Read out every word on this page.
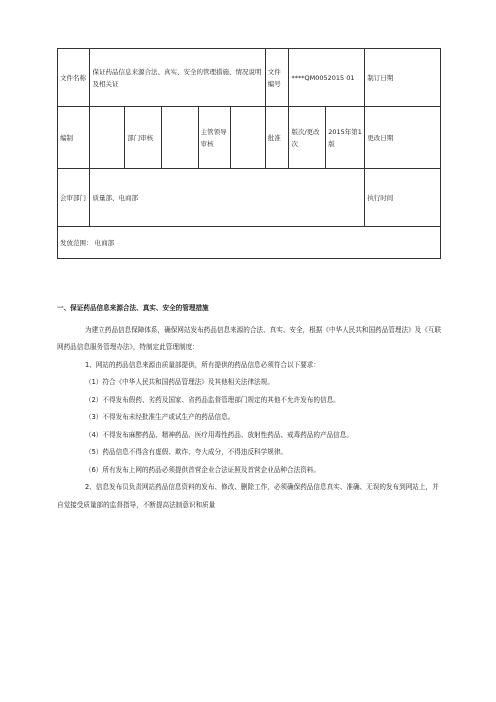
文件名称	保证药品信息来源合法、真实、安全的管理措施、情况说明及相关证					文件编号	****QM0052015 01		制订日期
编制		部门审核		主管领导审核		批准	版次/更改次	2015年第1版	更改日期
会审部门	质量部、电商部								执行时间
发放范围： 电商部									

一、保证药品信息来源合法、真实、安全的管理措施

为建立药品信息保障体系，确保网站发布药品信息来源的合法、真实、安全，根据《中华人民共和国药品管理法》及《互联网药品信息服务管理办法》，特制定此管理制度：

1、网站的药品信息来源由质量部提供，所有提供的药品信息必须符合以下要求：

（1）符合《中华人民共和国药品管理法》及其他相关法律法规。

（2）不得发布假药、劣药及国家、省药品监督管理部门规定的其他不允许发布的信息。

（3）不得发布未经批准生产或试生产的药品信息。

（4）不得发布麻醉药品、精神药品、医疗用毒性药品、放射性药品、戒毒药品的产品信息。

（5）药品信息不得含有虚假、欺诈、夸大成分，不得违反科学规律。

（6）所有发布上网的药品必须提供首营企业合法证照及首营企业品种合法资料。

2、信息发布员负责网站药品信息资料的发布、修改、删除工作，必须确保药品信息真实、准确、无误的发布到网站上，并自觉接受质量部的监督指导，不断提高法制意识和质量
